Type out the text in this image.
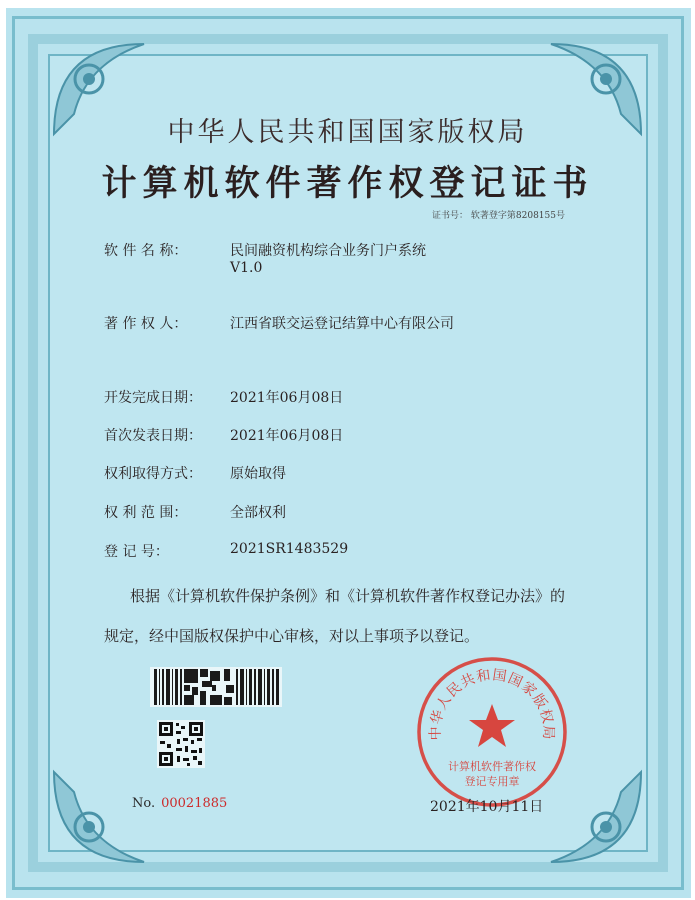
中华人民共和国国家版权局
计算机软件著作权登记证书
证书号： 软著登字第8208155号
软 件 名 称：	民间融资机构综合业务门户系统
V1.0
著 作 权 人：	江西省联交运登记结算中心有限公司
开发完成日期： 2021年06月08日
首次发表日期： 2021年06月08日
权利取得方式： 原始取得
权 利 范 围：	全部权利
登 记 号：	2021SR1483529
根据《计算机软件保护条例》和《计算机软件著作权登记办法》的
规定，经中国版权保护中心审核，对以上事项予以登记。
No. 00021885
中华人民共和国国家版权局
计算机软件著作权
登记专用章
2021年10月11日
